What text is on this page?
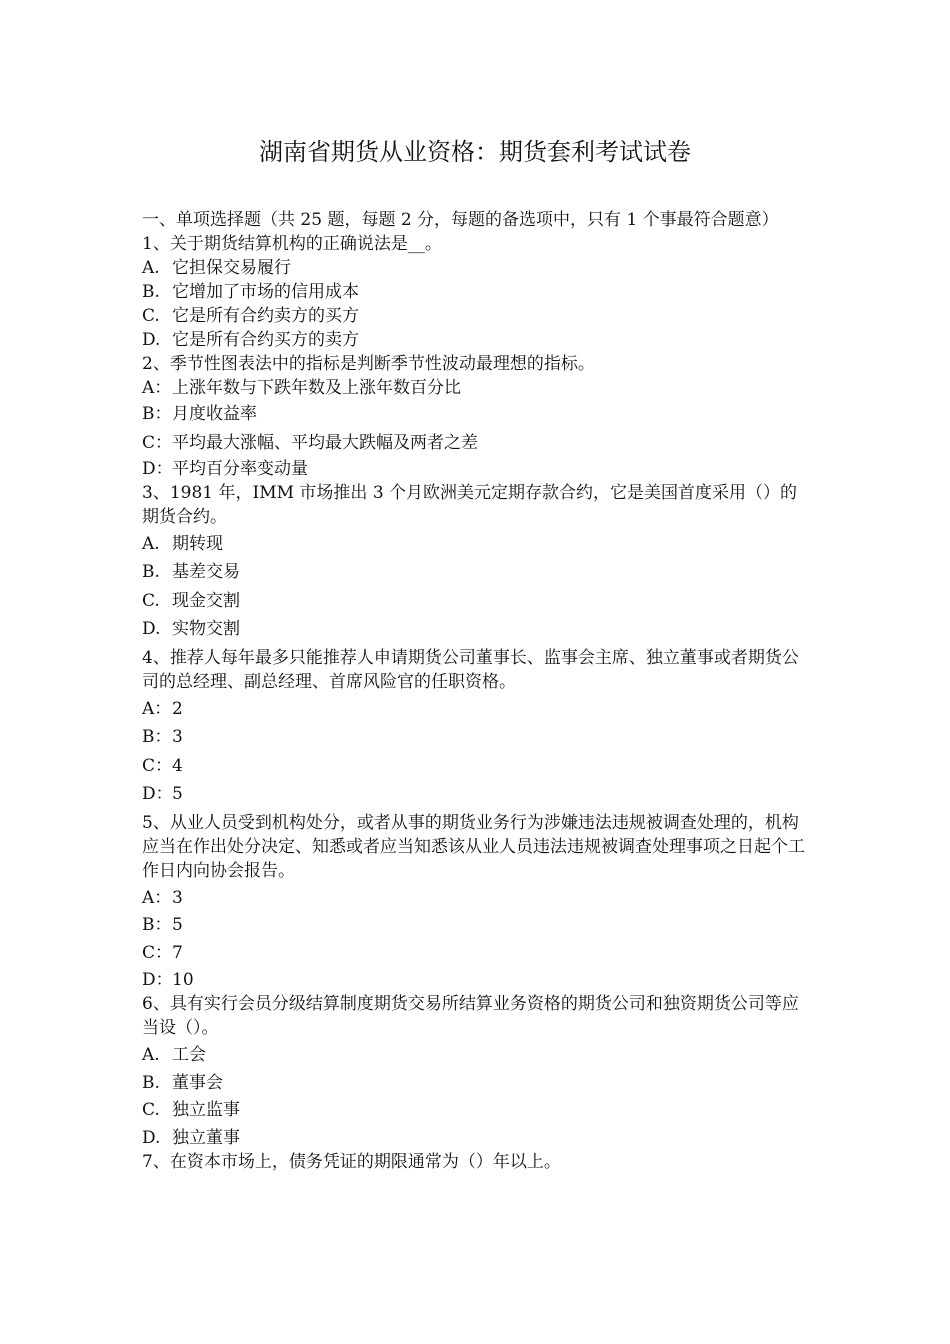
湖南省期货从业资格：期货套利考试试卷

一、单项选择题（共 25 题，每题 2 分，每题的备选项中，只有 1 个事最符合题意）

1、关于期货结算机构的正确说法是__。

A. 它担保交易履行
B. 它增加了市场的信用成本
C. 它是所有合约卖方的买方
D. 它是所有合约买方的卖方

2、季节性图表法中的指标是判断季节性波动最理想的指标。

A：上涨年数与下跌年数及上涨年数百分比
B：月度收益率
C：平均最大涨幅、平均最大跌幅及两者之差
D：平均百分率变动量

3、1981 年，IMM 市场推出 3 个月欧洲美元定期存款合约，它是美国首度采用（）的期货合约。

A. 期转现
B. 基差交易
C. 现金交割
D. 实物交割

4、推荐人每年最多只能推荐人申请期货公司董事长、监事会主席、独立董事或者期货公司的总经理、副总经理、首席风险官的任职资格。

A：2
B：3
C：4
D：5

5、从业人员受到机构处分，或者从事的期货业务行为涉嫌违法违规被调查处理的，机构应当在作出处分决定、知悉或者应当知悉该从业人员违法违规被调查处理事项之日起个工作日内向协会报告。

A：3
B：5
C：7
D：10

6、具有实行会员分级结算制度期货交易所结算业务资格的期货公司和独资期货公司等应当设（）。

A. 工会
B. 董事会
C. 独立监事
D. 独立董事

7、在资本市场上，债务凭证的期限通常为（）年以上。
